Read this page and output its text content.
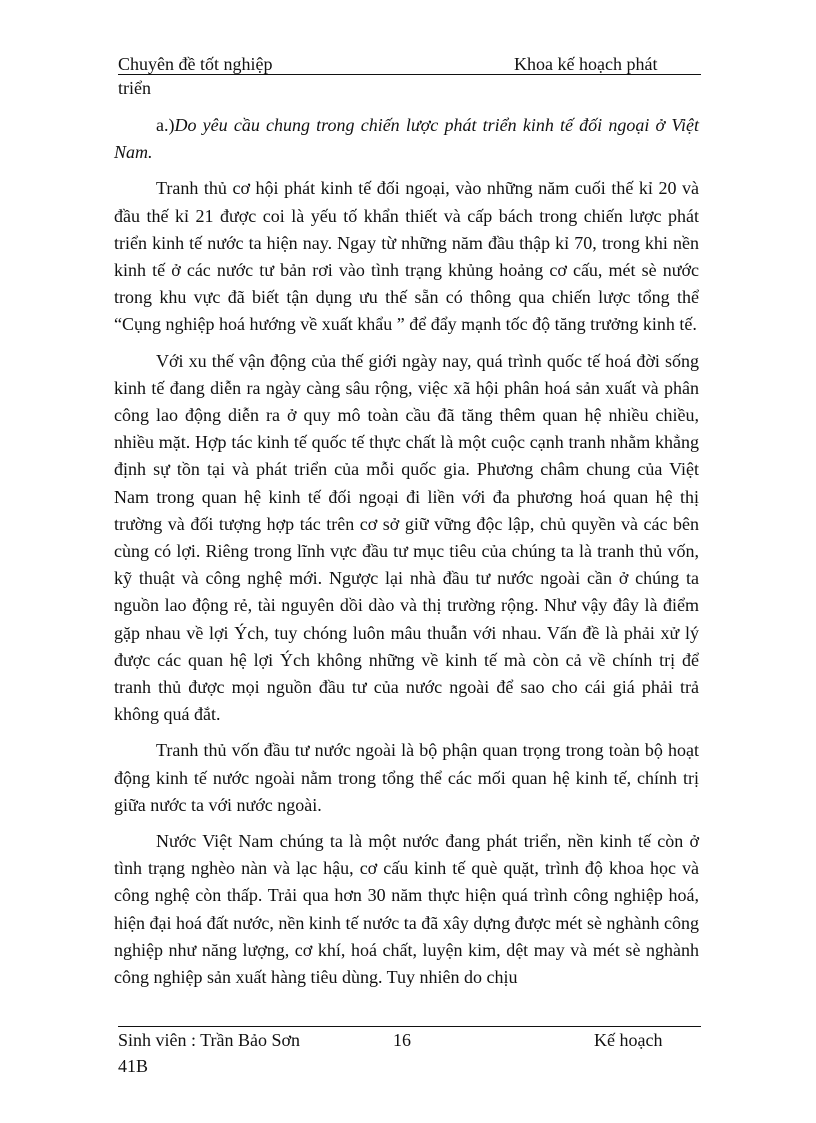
Chuyên đề tốt nghiệp	Khoa kế hoạch phát
triển

a.)Do yêu cầu chung trong chiến lược phát triển kinh tế đối ngoại ở Việt Nam.

Tranh thủ cơ hội phát kinh tế đối ngoại, vào những năm cuối thế kỉ 20 và đầu thế kỉ 21 được coi là yếu tố khẩn thiết và cấp bách trong chiến lược phát triển kinh tế nước ta hiện nay. Ngay từ những năm đầu thập kỉ 70, trong khi nền kinh tế ở các nước tư bản rơi vào tình trạng khủng hoảng cơ cấu, mét sè nước trong khu vực đã biết tận dụng ưu thế sẵn có thông qua chiến lược tổng thể “Cụng nghiệp hoá hướng về xuất khẩu ” để đẩy mạnh tốc độ tăng trưởng kinh tế.

Với xu thế vận động của thế giới ngày nay, quá trình quốc tế hoá đời sống kinh tế đang diễn ra ngày càng sâu rộng, việc xã hội phân hoá sản xuất và phân công lao động diễn ra ở quy mô toàn cầu đã tăng thêm quan hệ nhiều chiều, nhiều mặt. Hợp tác kinh tế quốc tế thực chất là một cuộc cạnh tranh nhằm khẳng định sự tồn tại và phát triển của mỗi quốc gia. Phương châm chung của Việt Nam trong quan hệ kinh tế đối ngoại đi liền với đa phương hoá quan hệ thị trường và đối tượng hợp tác trên cơ sở giữ vững độc lập, chủ quyền và các bên cùng có lợi. Riêng trong lĩnh vực đầu tư mục tiêu của chúng ta là tranh thủ vốn, kỹ thuật và công nghệ mới. Ngược lại nhà đầu tư nước ngoài cần ở chúng ta nguồn lao động rẻ, tài nguyên dồi dào và thị trường rộng. Như vậy đây là điểm gặp nhau về lợi Ých, tuy chóng luôn mâu thuẫn với nhau. Vấn đề là phải xử lý được các quan hệ lợi Ých không những về kinh tế mà còn cả về chính trị để tranh thủ được mọi nguồn đầu tư của nước ngoài để sao cho cái giá phải trả không quá đắt.

Tranh thủ vốn đầu tư nước ngoài là bộ phận quan trọng trong toàn bộ hoạt động kinh tế nước ngoài nằm trong tổng thể các mối quan hệ kinh tế, chính trị giữa nước ta với nước ngoài.

Nước Việt Nam chúng ta là một nước đang phát triển, nền kinh tế còn ở tình trạng nghèo nàn và lạc hậu, cơ cấu kinh tế què quặt, trình độ khoa học và công nghệ còn thấp. Trải qua hơn 30 năm thực hiện quá trình công nghiệp hoá, hiện đại hoá đất nước, nền kinh tế nước ta đã xây dựng được mét sè nghành công nghiệp như năng lượng, cơ khí, hoá chất, luyện kim, dệt may và mét sè nghành công nghiệp sản xuất hàng tiêu dùng. Tuy nhiên do chịu

Sinh viên : Trần Bảo Sơn	16	Kế hoạch
41B
